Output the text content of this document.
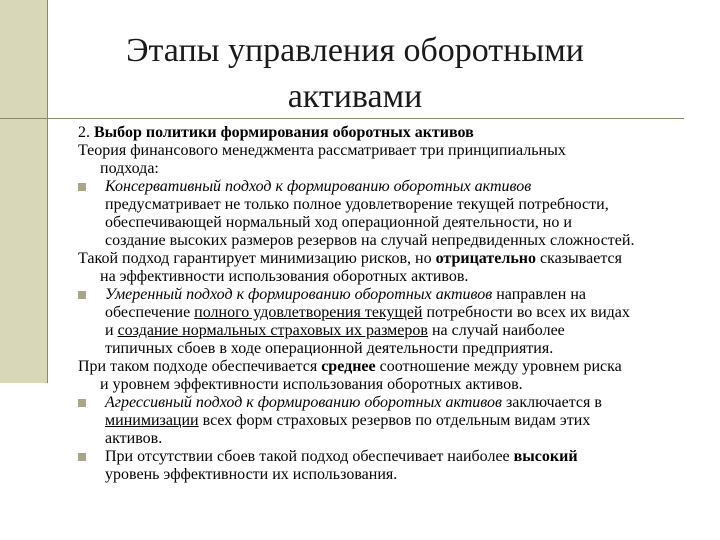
Этапы управления оборотными
активами

2. Выбор политики формирования оборотных активов

Теория финансового менеджмента рассматривает три принципиальных
подхода:

Консервативный подход к формированию оборотных активов
предусматривает не только полное удовлетворение текущей потребности,
обеспечивающей нормальный ход операционной деятельности, но и
создание высоких размеров резервов на случай непредвиденных сложностей.

Такой подход гарантирует минимизацию рисков, но отрицательно сказывается
на эффективности использования оборотных активов.

Умеренный подход к формированию оборотных активов направлен на
обеспечение полного удовлетворения текущей потребности во всех их видах
и создание нормальных страховых их размеров на случай наиболее
типичных сбоев в ходе операционной деятельности предприятия.

При таком подходе обеспечивается среднее соотношение между уровнем риска
и уровнем эффективности использования оборотных активов.

Агрессивный подход к формированию оборотных активов заключается в
минимизации всех форм страховых резервов по отдельным видам этих
активов.
При отсутствии сбоев такой подход обеспечивает наиболее высокий
уровень эффективности их использования.
